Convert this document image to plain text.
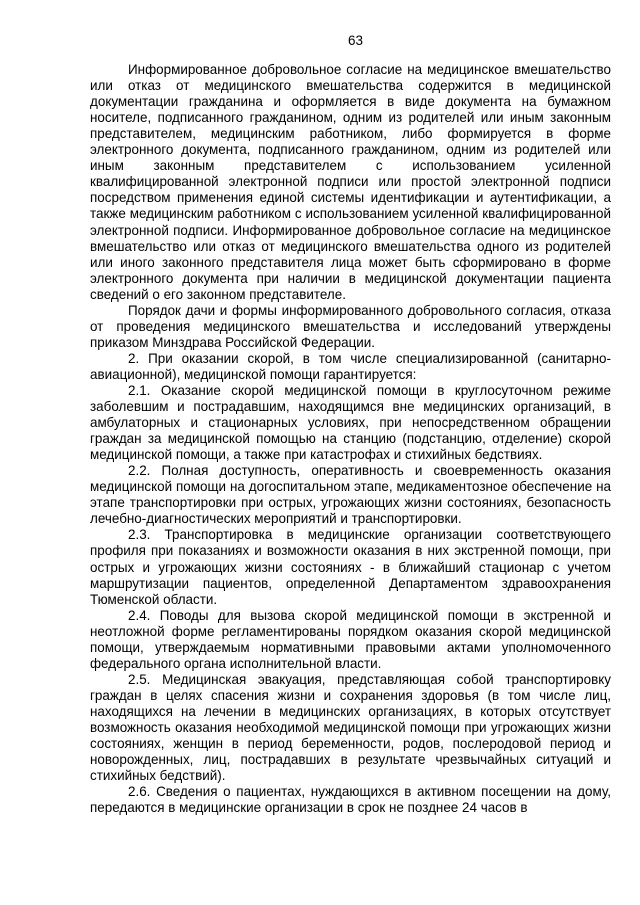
63

Информированное добровольное согласие на медицинское вмешательство или отказ от медицинского вмешательства содержится в медицинской документации гражданина и оформляется в виде документа на бумажном носителе, подписанного гражданином, одним из родителей или иным законным представителем, медицинским работником, либо формируется в форме электронного документа, подписанного гражданином, одним из родителей или иным законным представителем с использованием усиленной квалифицированной электронной подписи или простой электронной подписи посредством применения единой системы идентификации и аутентификации, а также медицинским работником с использованием усиленной квалифицированной электронной подписи. Информированное добровольное согласие на медицинское вмешательство или отказ от медицинского вмешательства одного из родителей или иного законного представителя лица может быть сформировано в форме электронного документа при наличии в медицинской документации пациента сведений о его законном представителе.

Порядок дачи и формы информированного добровольного согласия, отказа от проведения медицинского вмешательства и исследований утверждены приказом Минздрава Российской Федерации.

2. При оказании скорой, в том числе специализированной (санитарно-авиационной), медицинской помощи гарантируется:

2.1. Оказание скорой медицинской помощи в круглосуточном режиме заболевшим и пострадавшим, находящимся вне медицинских организаций, в амбулаторных и стационарных условиях, при непосредственном обращении граждан за медицинской помощью на станцию (подстанцию, отделение) скорой медицинской помощи, а также при катастрофах и стихийных бедствиях.

2.2. Полная доступность, оперативность и своевременность оказания медицинской помощи на догоспитальном этапе, медикаментозное обеспечение на этапе транспортировки при острых, угрожающих жизни состояниях, безопасность лечебно-диагностических мероприятий и транспортировки.

2.3. Транспортировка в медицинские организации соответствующего профиля при показаниях и возможности оказания в них экстренной помощи, при острых и угрожающих жизни состояниях - в ближайший стационар с учетом маршрутизации пациентов, определенной Департаментом здравоохранения Тюменской области.

2.4. Поводы для вызова скорой медицинской помощи в экстренной и неотложной форме регламентированы порядком оказания скорой медицинской помощи, утверждаемым нормативными правовыми актами уполномоченного федерального органа исполнительной власти.

2.5. Медицинская эвакуация, представляющая собой транспортировку граждан в целях спасения жизни и сохранения здоровья (в том числе лиц, находящихся на лечении в медицинских организациях, в которых отсутствует возможность оказания необходимой медицинской помощи при угрожающих жизни состояниях, женщин в период беременности, родов, послеродовой период и новорожденных, лиц, пострадавших в результате чрезвычайных ситуаций и стихийных бедствий).

2.6. Сведения о пациентах, нуждающихся в активном посещении на дому, передаются в медицинские организации в срок не позднее 24 часов в
